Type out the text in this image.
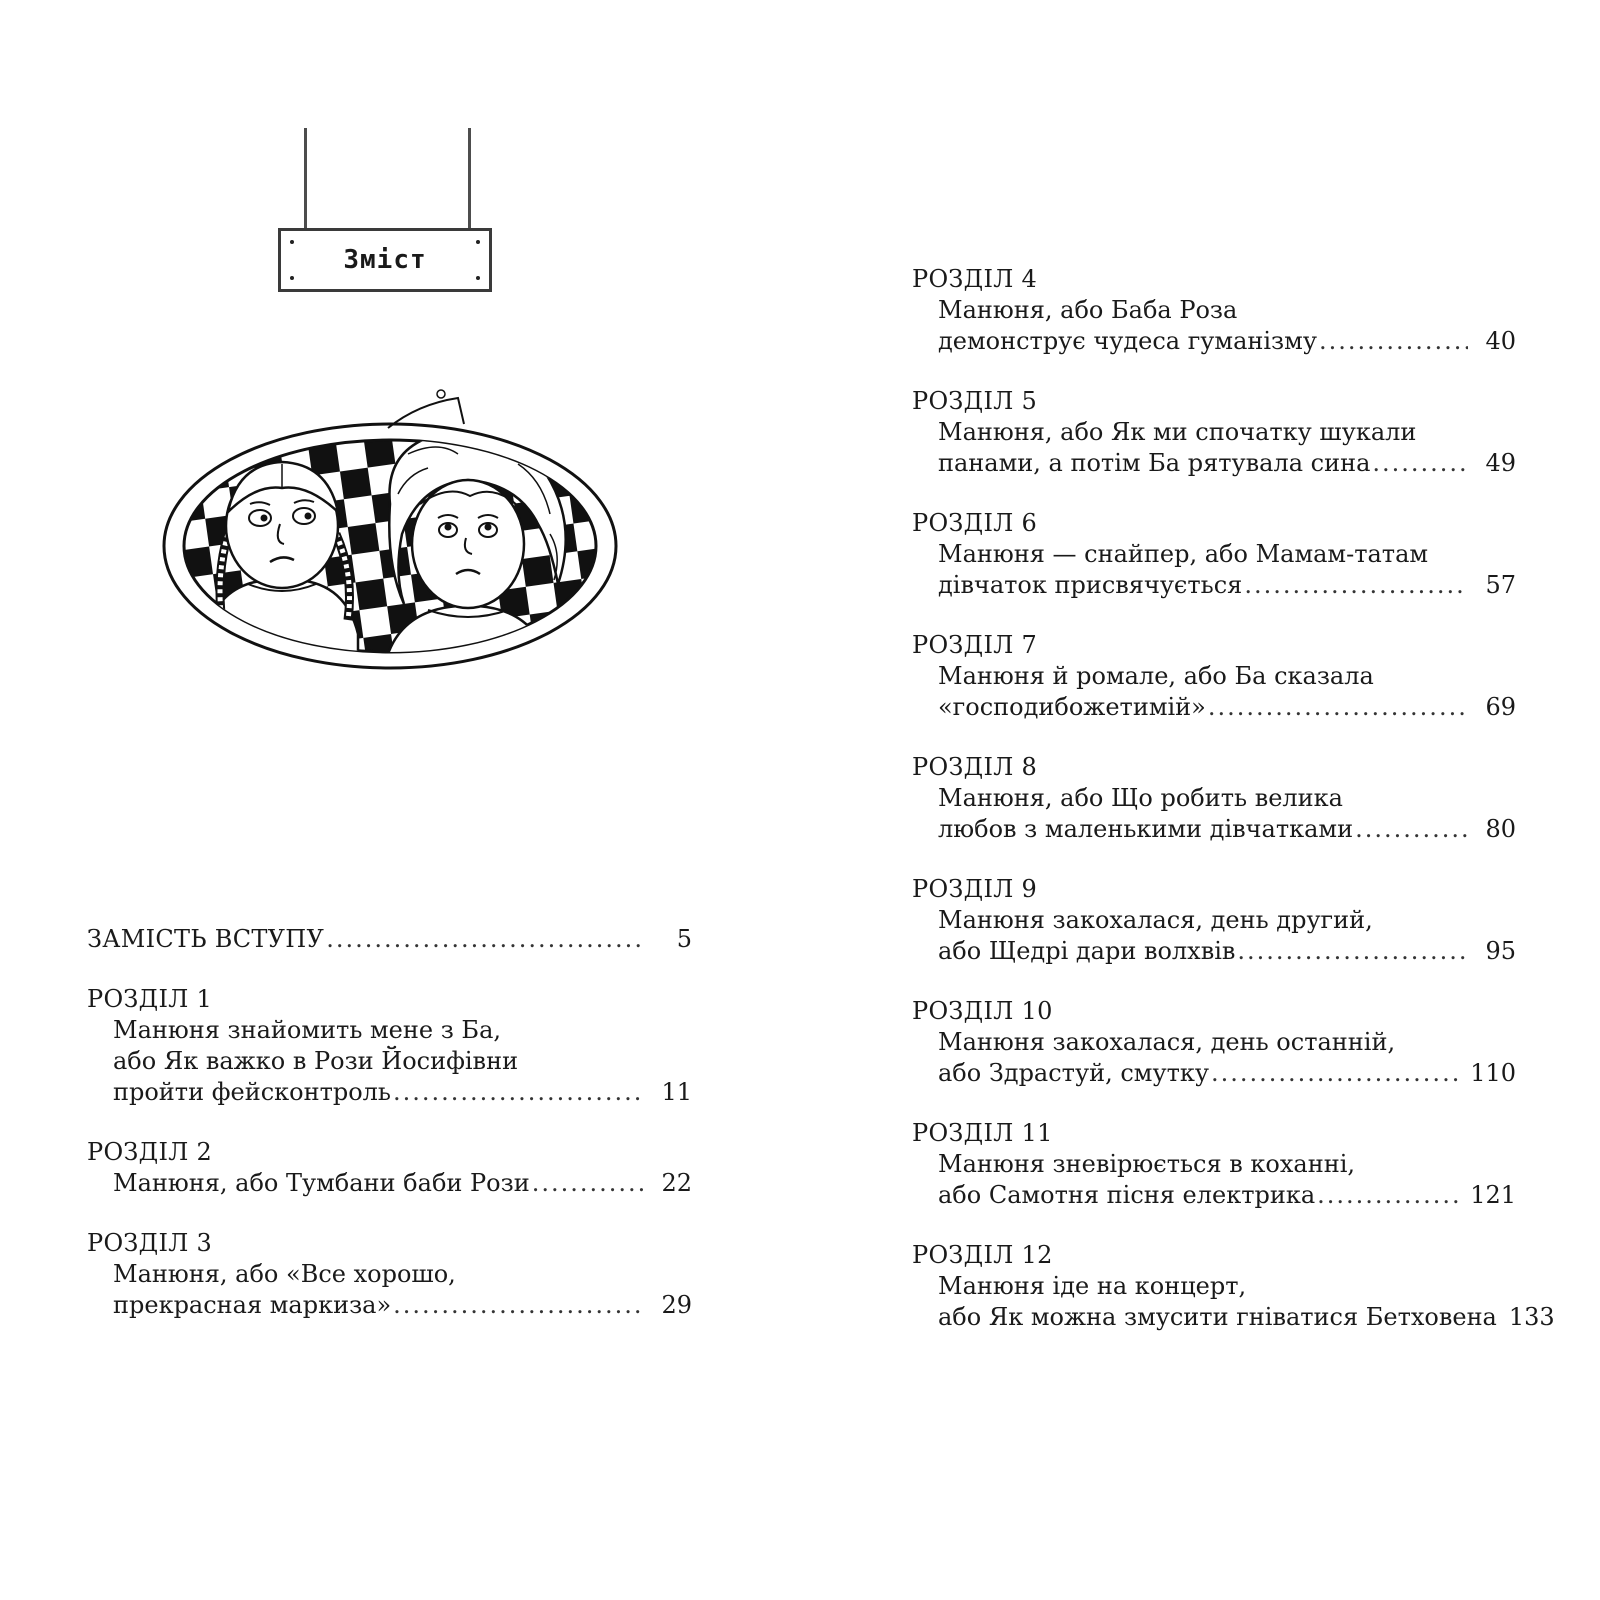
Зміст
ЗАМІСТЬ ВСТУПУ .....	5
РОЗДІЛ 1
Манюня знайомить мене з Ба,
або Як важко в Рози Йосифівни
пройти фейсконтроль .....	11
РОЗДІЛ 2
Манюня, або Тумбани баби Рози .....	22
РОЗДІЛ 3
Манюня, або «Все хорошо,
прекрасная маркиза» .....	29
РОЗДІЛ 4
Манюня, або Баба Роза
демонструє чудеса гуманізму .....	40
РОЗДІЛ 5
Манюня, або Як ми спочатку шукали
панами, а потім Ба рятувала сина .....	49
РОЗДІЛ 6
Манюня — снайпер, або Мамам-татам
дівчаток присвячується .....	57
РОЗДІЛ 7
Манюня й ромале, або Ба сказала
«господибожетимій» .....	69
РОЗДІЛ 8
Манюня, або Що робить велика
любов з маленькими дівчатками .....	80
РОЗДІЛ 9
Манюня закохалася, день другий,
або Щедрі дари волхвів .....	95
РОЗДІЛ 10
Манюня закохалася, день останній,
або Здрастуй, смутку .....	110
РОЗДІЛ 11
Манюня зневірюється в коханні,
або Самотня пісня електрика .....	121
РОЗДІЛ 12
Манюня іде на концерт,
або Як можна змусити гніватися Бетховена 133
